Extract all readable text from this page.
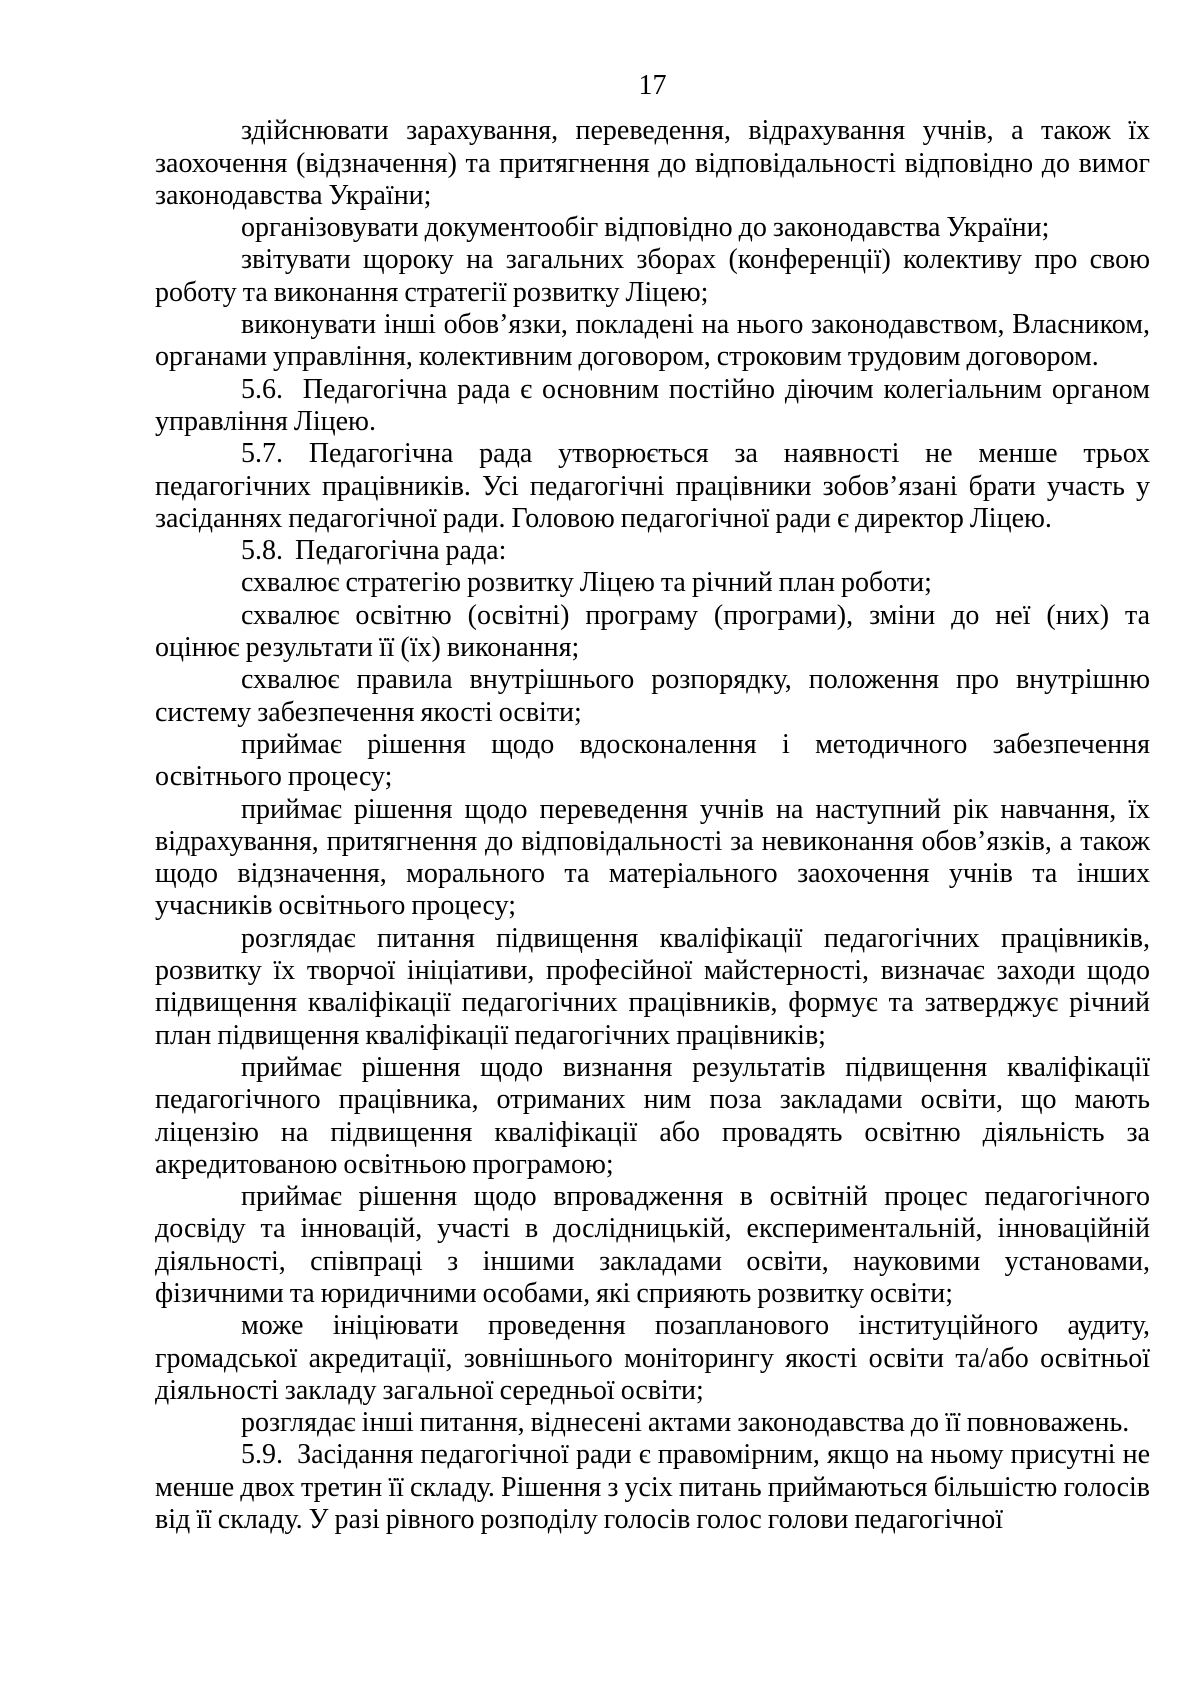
17

здійснювати зарахування, переведення, відрахування учнів, а також їх заохочення (відзначення) та притягнення до відповідальності відповідно до вимог законодавства України;

організовувати документообіг відповідно до законодавства України;

звітувати щороку на загальних зборах (конференції) колективу про свою роботу та виконання стратегії розвитку Ліцею;

виконувати інші обов’язки, покладені на нього законодавством, Власником, органами управління, колективним договором, строковим трудовим договором.

5.6.  Педагогічна рада є основним постійно діючим колегіальним органом управління Ліцею.

5.7. Педагогічна рада утворюється за наявності не менше трьох педагогічних працівників. Усі педагогічні працівники зобов’язані брати участь у засіданнях педагогічної ради. Головою педагогічної ради є директор Ліцею.

5.8.  Педагогічна рада:

схвалює стратегію розвитку Ліцею та річний план роботи;

схвалює освітню (освітні) програму (програми), зміни до неї (них) та оцінює результати її (їх) виконання;

схвалює правила внутрішнього розпорядку, положення про внутрішню систему забезпечення якості освіти;

приймає рішення щодо вдосконалення і методичного забезпечення освітнього процесу;

приймає рішення щодо переведення учнів на наступний рік навчання, їх відрахування, притягнення до відповідальності за невиконання обов’язків, а також щодо відзначення, морального та матеріального заохочення учнів та інших учасників освітнього процесу;

розглядає питання підвищення кваліфікації педагогічних працівників, розвитку їх творчої ініціативи, професійної майстерності, визначає заходи щодо підвищення кваліфікації педагогічних працівників, формує та затверджує річний план підвищення кваліфікації педагогічних працівників;

приймає рішення щодо визнання результатів підвищення кваліфікації педагогічного працівника, отриманих ним поза закладами освіти, що мають ліцензію на підвищення кваліфікації або провадять освітню діяльність за акредитованою освітньою програмою;

приймає рішення щодо впровадження в освітній процес педагогічного досвіду та інновацій, участі в дослідницькій, експериментальній, інноваційній діяльності, співпраці з іншими закладами освіти, науковими установами, фізичними та юридичними особами, які сприяють розвитку освіти;

може ініціювати проведення позапланового інституційного аудиту, громадської акредитації, зовнішнього моніторингу якості освіти та/або освітньої діяльності закладу загальної середньої освіти;

розглядає інші питання, віднесені актами законодавства до її повноважень.

5.9.  Засідання педагогічної ради є правомірним, якщо на ньому присутні не менше двох третин її складу. Рішення з усіх питань приймаються більшістю голосів від її складу. У разі рівного розподілу голосів голос голови педагогічної
